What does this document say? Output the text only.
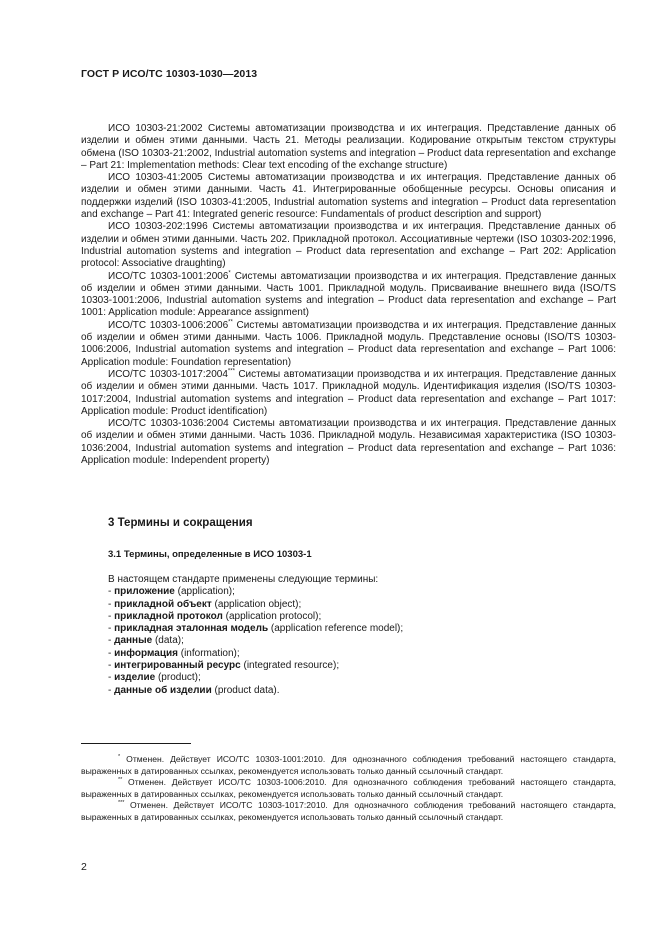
ГОСТ Р ИСО/ТС 10303-1030—2013

ИСО 10303-21:2002 Системы автоматизации производства и их интеграция. Представление данных об изделии и обмен этими данными. Часть 21. Методы реализации. Кодирование открытым текстом структуры обмена (ISO 10303-21:2002, Industrial automation systems and integration – Product data representation and exchange – Part 21: Implementation methods: Clear text encoding of the exchange structure)

ИСО 10303-41:2005 Системы автоматизации производства и их интеграция. Представление данных об изделии и обмен этими данными. Часть 41. Интегрированные обобщенные ресурсы. Основы описания и поддержки изделий (ISO 10303-41:2005, Industrial automation systems and integration – Product data representation and exchange – Part 41: Integrated generic resource: Fundamentals of product description and support)

ИСО 10303-202:1996 Системы автоматизации производства и их интеграция. Представление данных об изделии и обмен этими данными. Часть 202. Прикладной протокол. Ассоциативные чертежи (ISO 10303-202:1996, Industrial automation systems and integration – Product data representation and exchange – Part 202: Application protocol: Associative draughting)

ИСО/ТС 10303-1001:2006* Системы автоматизации производства и их интеграция. Представление данных об изделии и обмен этими данными. Часть 1001. Прикладной модуль. Присваивание внешнего вида (ISO/TS 10303-1001:2006, Industrial automation systems and integration – Product data representation and exchange – Part 1001: Application module: Appearance assignment)

ИСО/ТС 10303-1006:2006** Системы автоматизации производства и их интеграция. Представление данных об изделии и обмен этими данными. Часть 1006. Прикладной модуль. Представление основы (ISO/TS 10303-1006:2006, Industrial automation systems and integration – Product data representation and exchange – Part 1006: Application module: Foundation representation)

ИСО/ТС 10303-1017:2004*** Системы автоматизации производства и их интеграция. Представление данных об изделии и обмен этими данными. Часть 1017. Прикладной модуль. Идентификация изделия (ISO/TS 10303-1017:2004, Industrial automation systems and integration – Product data representation and exchange – Part 1017: Application module: Product identification)

ИСО/ТС 10303-1036:2004 Системы автоматизации производства и их интеграция. Представление данных об изделии и обмен этими данными. Часть 1036. Прикладной модуль. Независимая характеристика (ISO 10303-1036:2004, Industrial automation systems and integration – Product data representation and exchange – Part 1036: Application module: Independent property)

3 Термины и сокращения
3.1 Термины, определенные в ИСО 10303-1
В настоящем стандарте применены следующие термины:
- приложение (application);
- прикладной объект (application object);
- прикладной протокол (application protocol);
- прикладная эталонная модель (application reference model);
- данные (data);
- информация (information);
- интегрированный ресурс (integrated resource);
- изделие (product);
- данные об изделии (product data).

* Отменен. Действует ИСО/ТС 10303-1001:2010. Для однозначного соблюдения требований настоящего стандарта, выраженных в датированных ссылках, рекомендуется использовать только данный ссылочный стандарт.

** Отменен. Действует ИСО/ТС 10303-1006:2010. Для однозначного соблюдения требований настоящего стандарта, выраженных в датированных ссылках, рекомендуется использовать только данный ссылочный стандарт.

*** Отменен. Действует ИСО/ТС 10303-1017:2010. Для однозначного соблюдения требований настоящего стандарта, выраженных в датированных ссылках, рекомендуется использовать только данный ссылочный стандарт.

2
